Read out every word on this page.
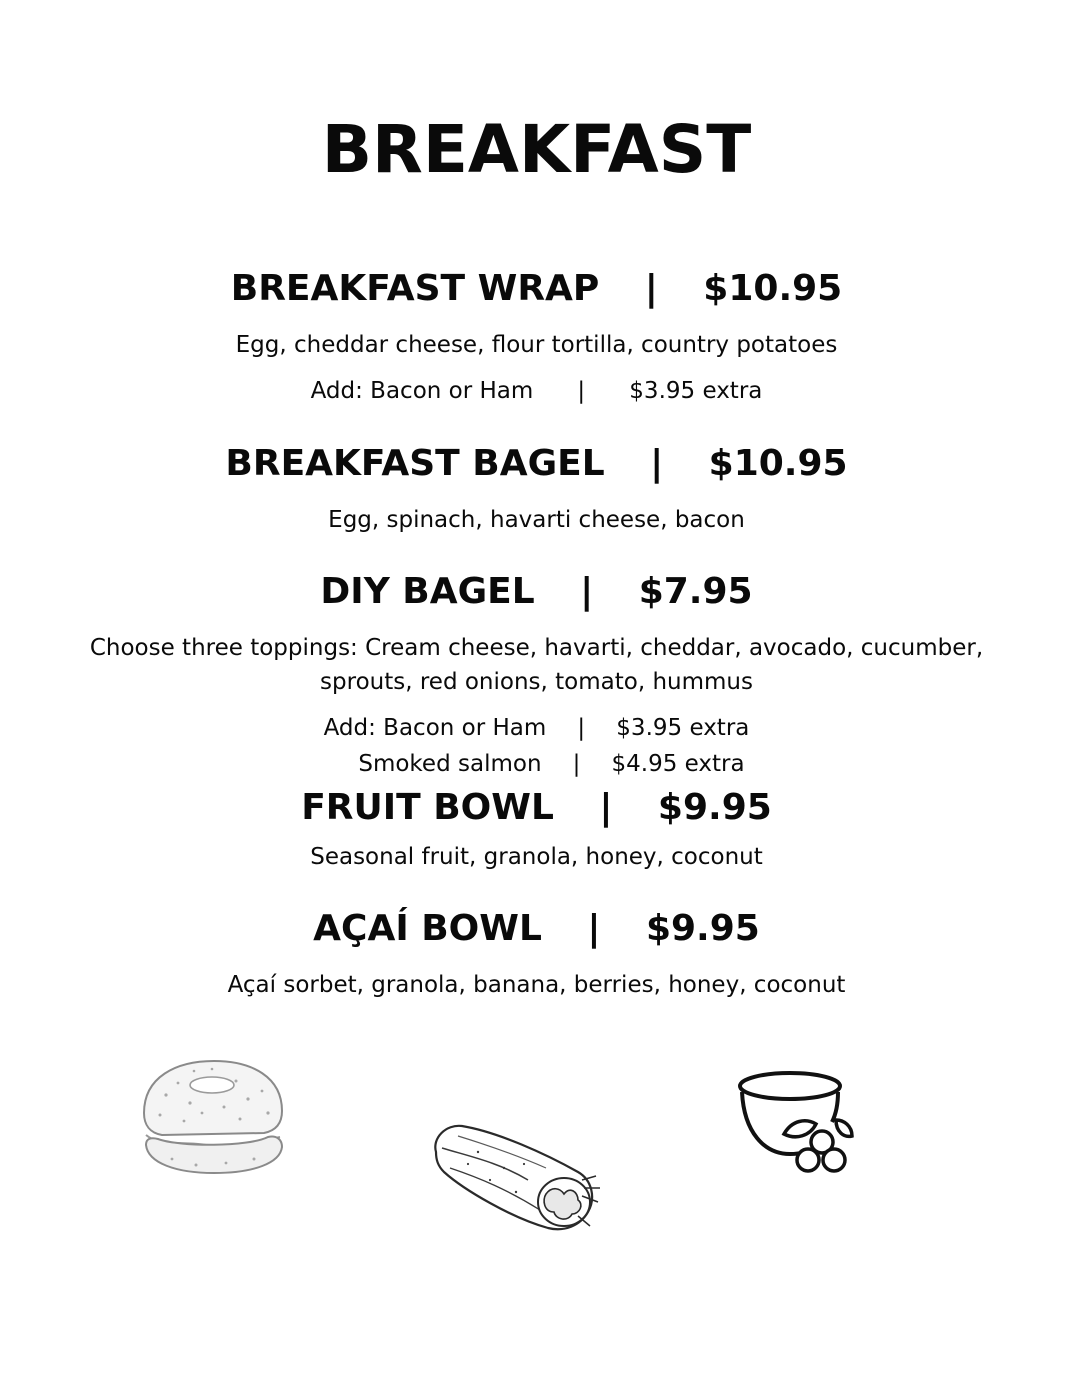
BREAKFAST
BREAKFAST WRAP | $10.95

Egg, cheddar cheese, flour tortilla, country potatoes

Add: Bacon or Ham | $3.95 extra
BREAKFAST BAGEL | $10.95

Egg, spinach, havarti cheese, bacon

DIY BAGEL | $7.95

Choose three toppings: Cream cheese, havarti, cheddar, avocado, cucumber,

sprouts, red onions, tomato, hummus

Add: Bacon or Ham | $3.95 extra
Smoked salmon | $4.95 extra
FRUIT BOWL | $9.95

Seasonal fruit, granola, honey, coconut

AÇAÍ BOWL | $9.95

Açaí sorbet, granola, banana, berries, honey, coconut
